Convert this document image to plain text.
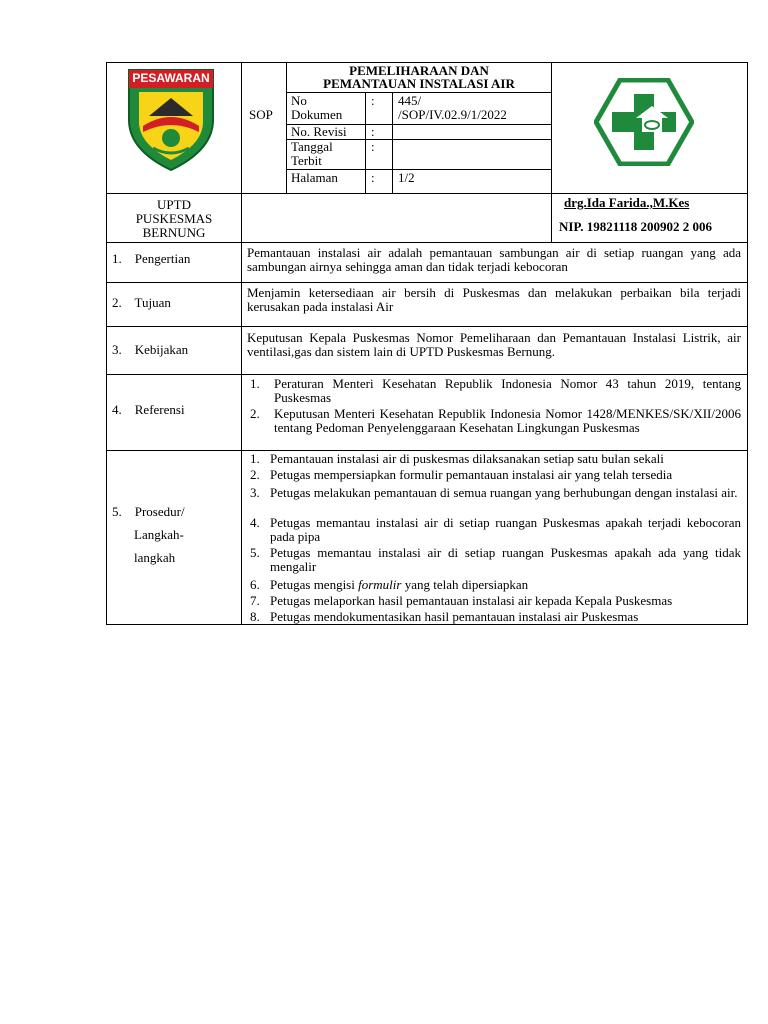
PESAWARAN
SOP
PEMELIHARAAN DAN
PEMANTAUAN INSTALASI AIR
No
Dokumen
: 445/
/SOP/IV.02.9/1/2022
No. Revisi :
Tanggal
Terbit
:
Halaman	: 1/2
UPTD
PUSKESMAS
BERNUNG
drg.Ida Farida.,M.Kes
NIP. 19821118 200902 2 006
1.    Pengertian	Pemantauan instalasi air adalah pemantauan sambungan air di setiap ruangan yang ada sambungan airnya sehingga aman dan tidak terjadi kebocoran
2.    Tujuan
Menjamin ketersediaan air bersih di Puskesmas dan melakukan perbaikan bila terjadi kerusakan pada instalasi Air
3.    Kebijakan
Keputusan Kepala Puskesmas Nomor Pemeliharaan dan Pemantauan Instalasi Listrik, air ventilasi,gas dan sistem lain di UPTD Puskesmas Bernung.
4.    Referensi
1. Peraturan Menteri Kesehatan Republik Indonesia Nomor 43 tahun 2019, tentang Puskesmas
2. Keputusan Menteri Kesehatan Republik Indonesia Nomor 1428/MENKES/SK/XII/2006 tentang Pedoman Penyelenggaraan Kesehatan Lingkungan Puskesmas
5.    Prosedur/
Langkah-
langkah
1. Pemantauan instalasi air di puskesmas dilaksanakan setiap satu bulan sekali
2. Petugas mempersiapkan formulir pemantauan instalasi air yang telah tersedia
3. Petugas melakukan pemantauan di semua ruangan yang berhubungan dengan instalasi air.
4. Petugas memantau instalasi air di setiap ruangan Puskesmas apakah terjadi kebocoran pada pipa
5. Petugas memantau instalasi air di setiap ruangan Puskesmas apakah ada yang tidak mengalir
6. Petugas mengisi formulir yang telah dipersiapkan
7. Petugas melaporkan hasil pemantauan instalasi air kepada Kepala Puskesmas
8. Petugas mendokumentasikan hasil pemantauan instalasi air Puskesmas
